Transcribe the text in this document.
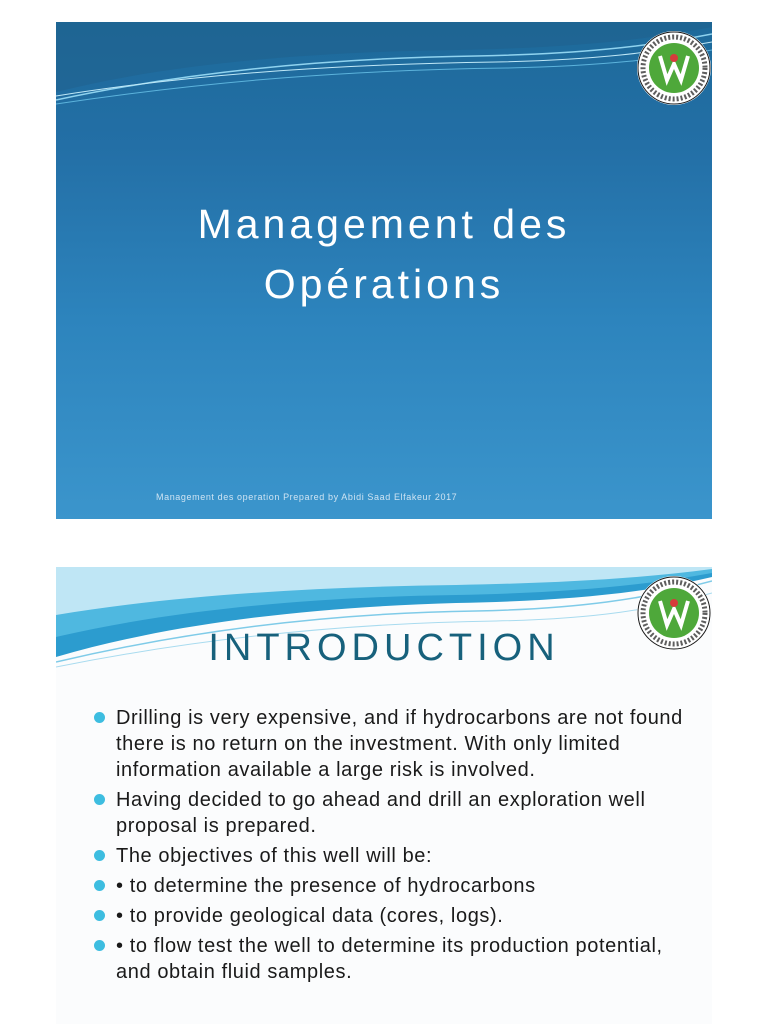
Management des
Opérations
Management des operation Prepared by Abidi Saad Elfakeur 2017
INTRODUCTION
Drilling is very expensive, and if hydrocarbons are not found there is no return on the investment. With only limited information available a large risk is involved.
Having decided to go ahead and drill an exploration well proposal is prepared.
The objectives of this well will be:
• to determine the presence of hydrocarbons
• to provide geological data (cores, logs).
• to flow test the well to determine its production potential, and obtain fluid samples.
